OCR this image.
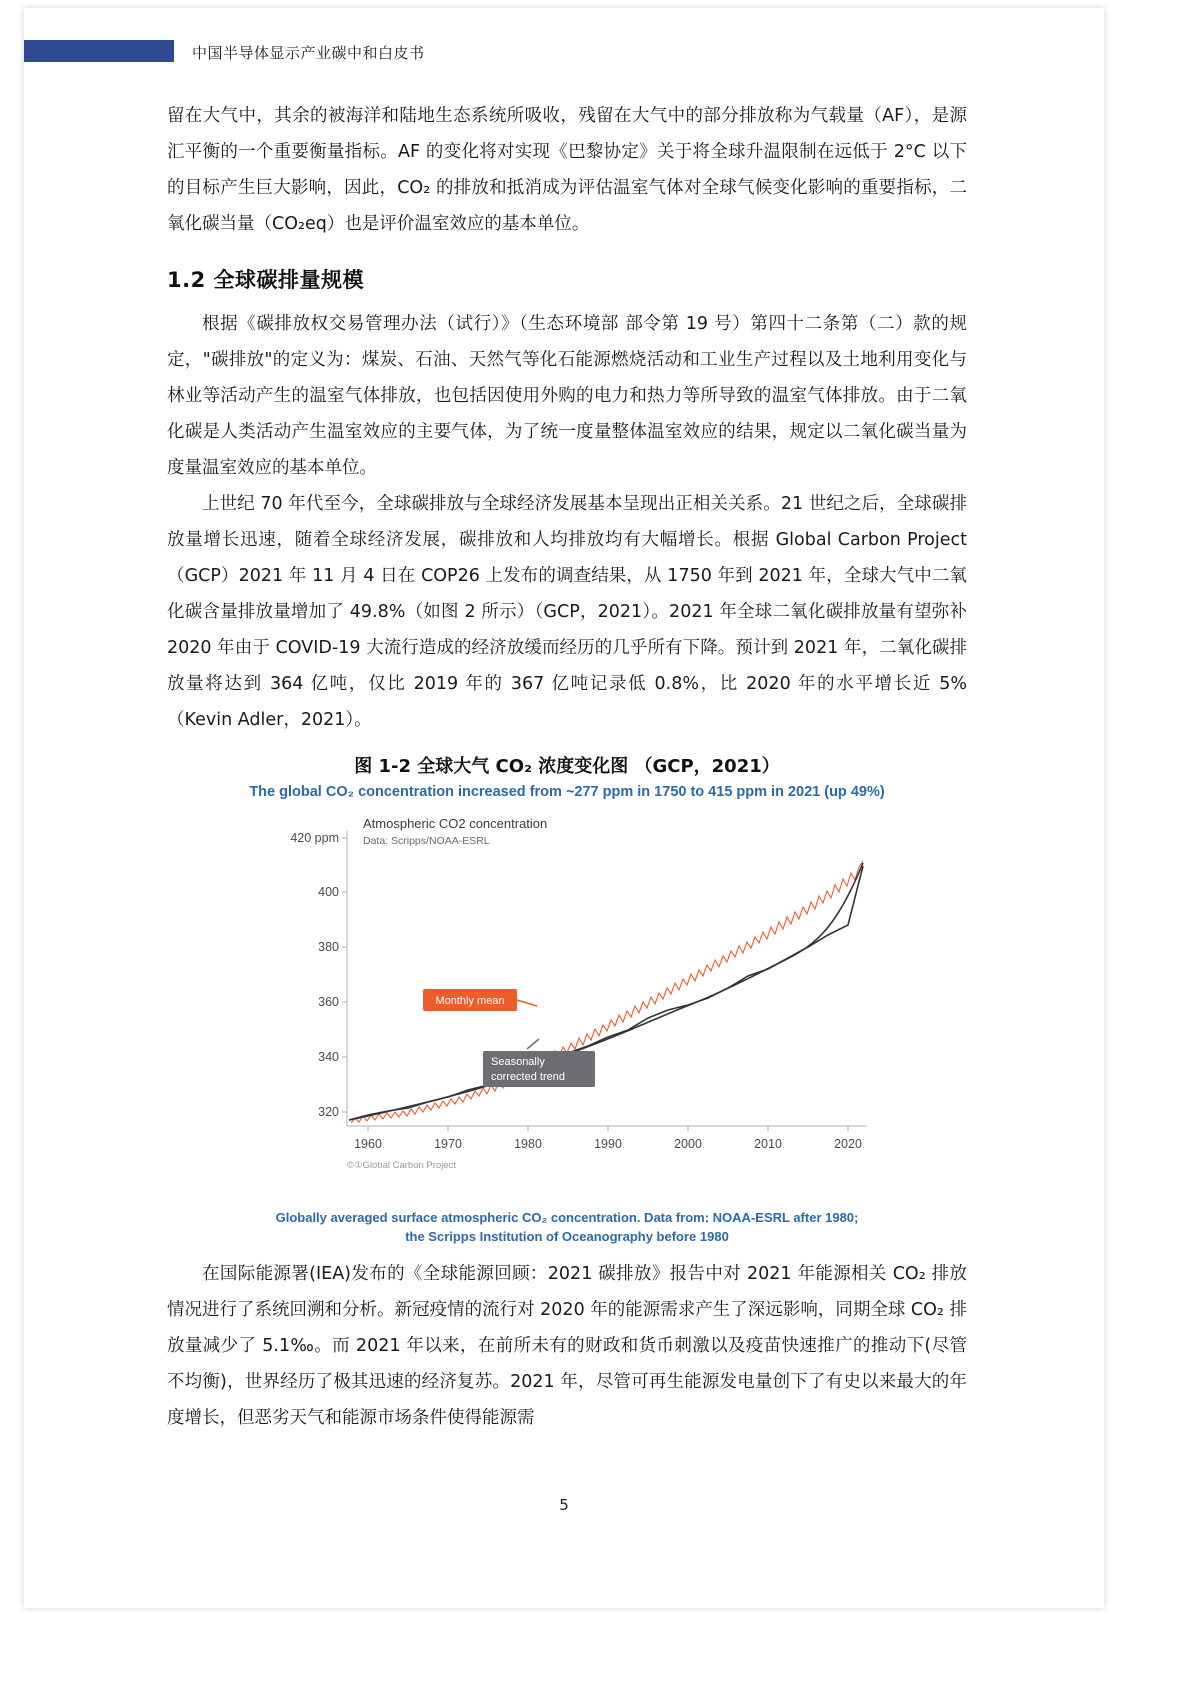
中国半导体显示产业碳中和白皮书

留在大气中，其余的被海洋和陆地生态系统所吸收，残留在大气中的部分排放称为气载量（AF），是源汇平衡的一个重要衡量指标。AF 的变化将对实现《巴黎协定》关于将全球升温限制在远低于 2°C 以下的目标产生巨大影响，因此，CO₂ 的排放和抵消成为评估温室气体对全球气候变化影响的重要指标，二氧化碳当量（CO₂eq）也是评价温室效应的基本单位。

1.2 全球碳排量规模

根据《碳排放权交易管理办法（试行）》（生态环境部 部令第 19 号）第四十二条第（二）款的规定，"碳排放"的定义为：煤炭、石油、天然气等化石能源燃烧活动和工业生产过程以及土地利用变化与林业等活动产生的温室气体排放，也包括因使用外购的电力和热力等所导致的温室气体排放。由于二氧化碳是人类活动产生温室效应的主要气体，为了统一度量整体温室效应的结果，规定以二氧化碳当量为度量温室效应的基本单位。

上世纪 70 年代至今，全球碳排放与全球经济发展基本呈现出正相关关系。21 世纪之后，全球碳排放量增长迅速，随着全球经济发展，碳排放和人均排放均有大幅增长。根据 Global Carbon Project （GCP）2021 年 11 月 4 日在 COP26 上发布的调查结果，从 1750 年到 2021 年，全球大气中二氧化碳含量排放量增加了 49.8%（如图 2 所示）（GCP，2021）。2021 年全球二氧化碳排放量有望弥补 2020 年由于 COVID-19 大流行造成的经济放缓而经历的几乎所有下降。预计到 2021 年，二氧化碳排放量将达到 364 亿吨，仅比 2019 年的 367 亿吨记录低 0.8%，比 2020 年的水平增长近 5%（Kevin Adler，2021）。

图 1-2 全球大气 CO₂ 浓度变化图 （GCP，2021）
The global CO₂ concentration increased from ~277 ppm in 1750 to 415 ppm in 2021 (up 49%)
420 ppm
400
380
360
340
320
1960	1970	1980	1990	2000	2010	2020
Atmospheric CO2 concentration
Data: Scripps/NOAA-ESRL
Monthly mean
Seasonally
corrected trend
©①Global Carbon Project
Globally averaged surface atmospheric CO₂ concentration. Data from: NOAA-ESRL after 1980;
the Scripps Institution of Oceanography before 1980

在国际能源署(IEA)发布的《全球能源回顾：2021 碳排放》报告中对 2021 年能源相关 CO₂ 排放情况进行了系统回溯和分析。新冠疫情的流行对 2020 年的能源需求产生了深远影响，同期全球 CO₂ 排放量减少了 5.1‰。而 2021 年以来，在前所未有的财政和货币刺激以及疫苗快速推广的推动下(尽管不均衡)，世界经历了极其迅速的经济复苏。2021 年，尽管可再生能源发电量创下了有史以来最大的年度增长，但恶劣天气和能源市场条件使得能源需

5
